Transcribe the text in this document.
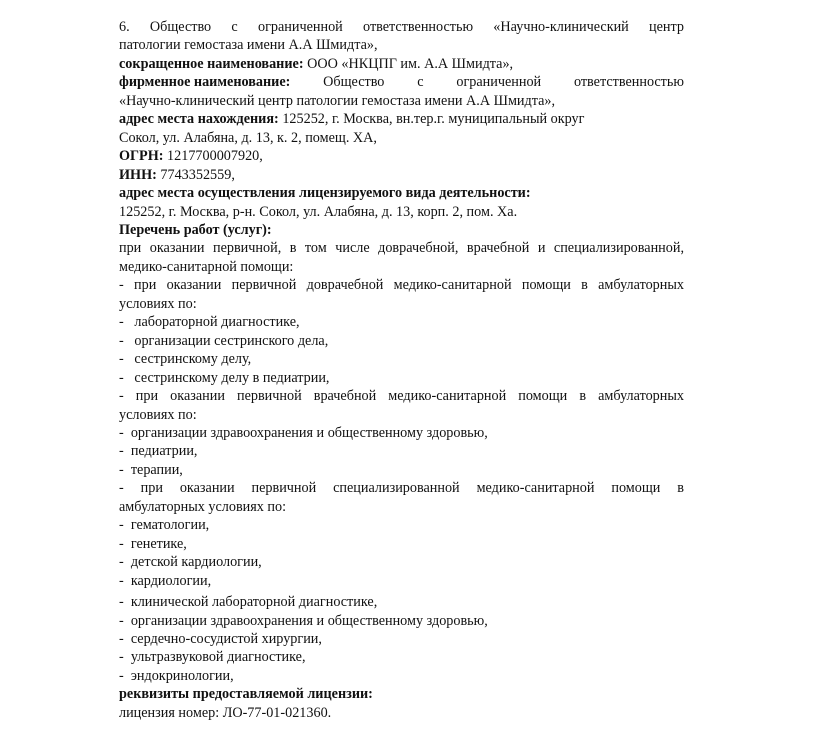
6. Общество с ограниченной ответственностью «Научно-клинический центр

патологии гемостаза имени А.А Шмидта»,

сокращенное наименование: ООО «НКЦПГ им. А.А Шмидта»,

фирменное наименование: Общество с ограниченной ответственностью

«Научно-клинический центр патологии гемостаза имени А.А Шмидта»,

адрес места нахождения: 125252, г. Москва, вн.тер.г. муниципальный округ

Сокол, ул. Алабяна, д. 13, к. 2, помещ. ХА,

ОГРН: 1217700007920,

ИНН: 7743352559,

адрес места осуществления лицензируемого вида деятельности:

125252, г. Москва, р-н. Сокол, ул. Алабяна, д. 13, корп. 2, пом. Ха.

Перечень работ (услуг):

при оказании первичной, в том числе доврачебной, врачебной и специализированной,

медико-санитарной помощи:

- при оказании первичной доврачебной медико-санитарной помощи в амбулаторных

условиях по:

-   лабораторной диагностике,

-   организации сестринского дела,

-   сестринскому делу,

-   сестринскому делу в педиатрии,

- при оказании первичной врачебной медико-санитарной помощи в амбулаторных

условиях по:

-  организации здравоохранения и общественному здоровью,

-  педиатрии,

-  терапии,

- при оказании первичной специализированной медико-санитарной помощи в

амбулаторных условиях по:

-  гематологии,

-  генетике,

-  детской кардиологии,

-  кардиологии,

-  клинической лабораторной диагностике,

-  организации здравоохранения и общественному здоровью,

-  сердечно-сосудистой хирургии,

-  ультразвуковой диагностике,

-  эндокринологии,

реквизиты предоставляемой лицензии:

лицензия номер: ЛО-77-01-021360.
